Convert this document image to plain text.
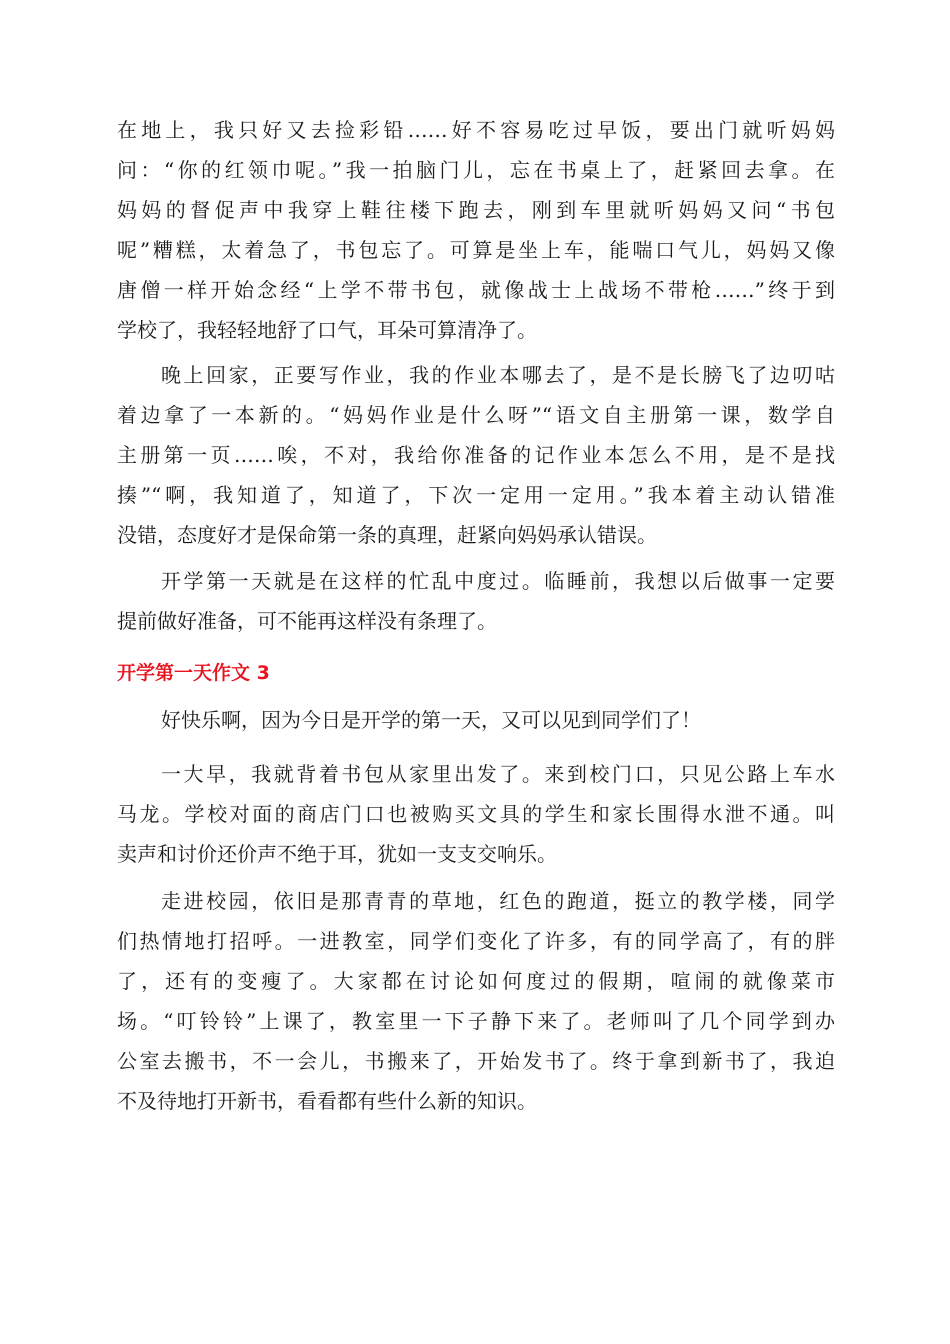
在地上，我只好又去捡彩铅……好不容易吃过早饭，要出门就听妈妈
问：“你的红领巾呢。”我一拍脑门儿，忘在书桌上了，赶紧回去拿。在
妈妈的督促声中我穿上鞋往楼下跑去，刚到车里就听妈妈又问“书包
呢”糟糕，太着急了，书包忘了。可算是坐上车，能喘口气儿，妈妈又像
唐僧一样开始念经“上学不带书包，就像战士上战场不带枪……”终于到
学校了，我轻轻地舒了口气，耳朵可算清净了。
晚上回家，正要写作业，我的作业本哪去了，是不是长膀飞了边叨咕
着边拿了一本新的。“妈妈作业是什么呀”“语文自主册第一课，数学自
主册第一页……唉，不对，我给你准备的记作业本怎么不用，是不是找
揍”“啊，我知道了，知道了，下次一定用一定用。”我本着主动认错准
没错，态度好才是保命第一条的真理，赶紧向妈妈承认错误。
开学第一天就是在这样的忙乱中度过。临睡前，我想以后做事一定要
提前做好准备，可不能再这样没有条理了。
开学第一天作文 3
好快乐啊，因为今日是开学的第一天，又可以见到同学们了！
一大早，我就背着书包从家里出发了。来到校门口，只见公路上车水
马龙。学校对面的商店门口也被购买文具的学生和家长围得水泄不通。叫
卖声和讨价还价声不绝于耳，犹如一支支交响乐。
走进校园，依旧是那青青的草地，红色的跑道，挺立的教学楼，同学
们热情地打招呼。一进教室，同学们变化了许多，有的同学高了，有的胖
了，还有的变瘦了。大家都在讨论如何度过的假期，喧闹的就像菜市
场。“叮铃铃”上课了，教室里一下子静下来了。老师叫了几个同学到办
公室去搬书，不一会儿，书搬来了，开始发书了。终于拿到新书了，我迫
不及待地打开新书，看看都有些什么新的知识。
